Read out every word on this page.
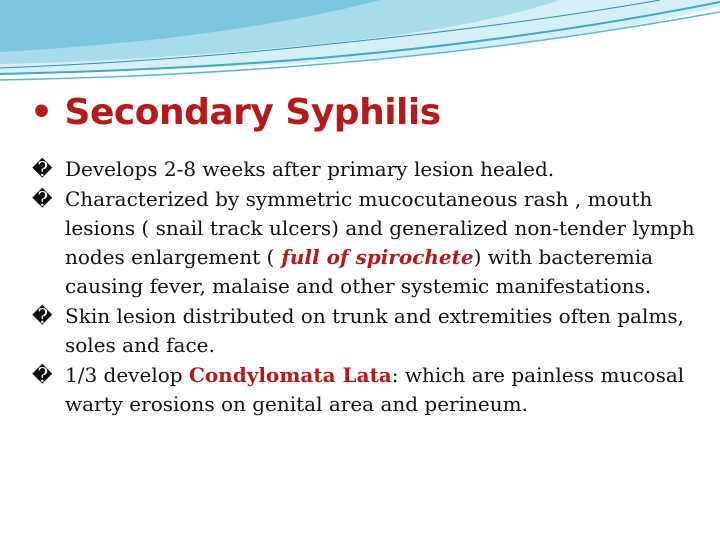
• Secondary Syphilis
� Develops 2-8 weeks after primary lesion healed.
� Characterized by symmetric mucocutaneous rash , mouth lesions ( snail track ulcers) and generalized non-tender lymph nodes enlargement ( full of spirochete) with bacteremia causing fever, malaise and other systemic manifestations.
� Skin lesion distributed on trunk and extremities often palms, soles and face.
� 1/3 develop Condylomata Lata: which are painless mucosal warty erosions on genital area and perineum.
